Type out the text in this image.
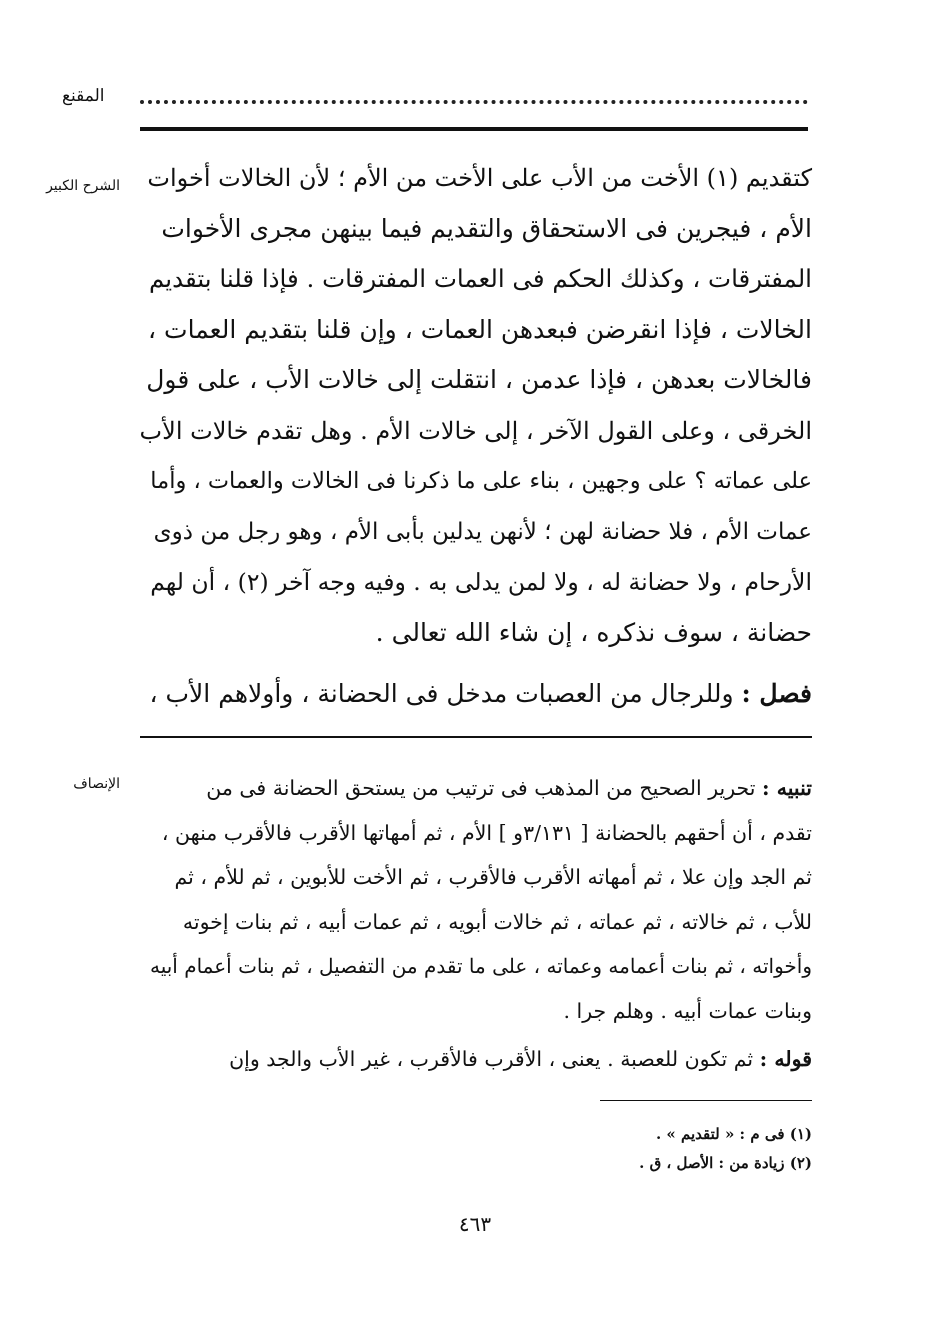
المقنع
الشرح الكبير	كتقديم (١) الأخت من الأب على الأخت من الأم ؛ لأن الخالات أخوات

الأم ، فيجرين فى الاستحقاق والتقديم فيما بينهن مجرى الأخوات

المفترقات ، وكذلك الحكم فى العمات المفترقات . فإذا قلنا بتقديم

الخالات ، فإذا انقرضن فبعدهن العمات ، وإن قلنا بتقديم العمات ،

فالخالات بعدهن ، فإذا عدمن ، انتقلت إلى خالات الأب ، على قول

الخرقى ، وعلى القول الآخر ، إلى خالات الأم . وهل تقدم خالات الأب

على عماته ؟ على وجهين ، بناء على ما ذكرنا فى الخالات والعمات ، وأما

عمات الأم ، فلا حضانة لهن ؛ لأنهن يدلين بأبى الأم ، وهو رجل من ذوى

الأرحام ، ولا حضانة له ، ولا لمن يدلى به . وفيه وجه آخر (٢) ، أن لهم

حضانة ، سوف نذكره ، إن شاء الله تعالى .

فصل : وللرجال من العصبات مدخل فى الحضانة ، وأولاهم الأب ،
الإنصاف	تنبيه : تحرير الصحيح من المذهب فى ترتيب من يستحق الحضانة فى من

تقدم ، أن أحقهم بالحضانة [ ٣/١٣١و ] الأم ، ثم أمهاتها الأقرب فالأقرب منهن ،

ثم الجد وإن علا ، ثم أمهاته الأقرب فالأقرب ، ثم الأخت للأبوين ، ثم للأم ، ثم

للأب ، ثم خالاته ، ثم عماته ، ثم خالات أبويه ، ثم عمات أبيه ، ثم بنات إخوته

وأخواته ، ثم بنات أعمامه وعماته ، على ما تقدم من التفصيل ، ثم بنات أعمام أبيه

وبنات عمات أبيه . وهلم جرا .

قوله : ثم تكون للعصبة . يعنى ، الأقرب فالأقرب ، غير الأب والجد وإن

(١) فى م : « لتقديم » .

(٢) زيادة من : الأصل ، ق .

٤٦٣
